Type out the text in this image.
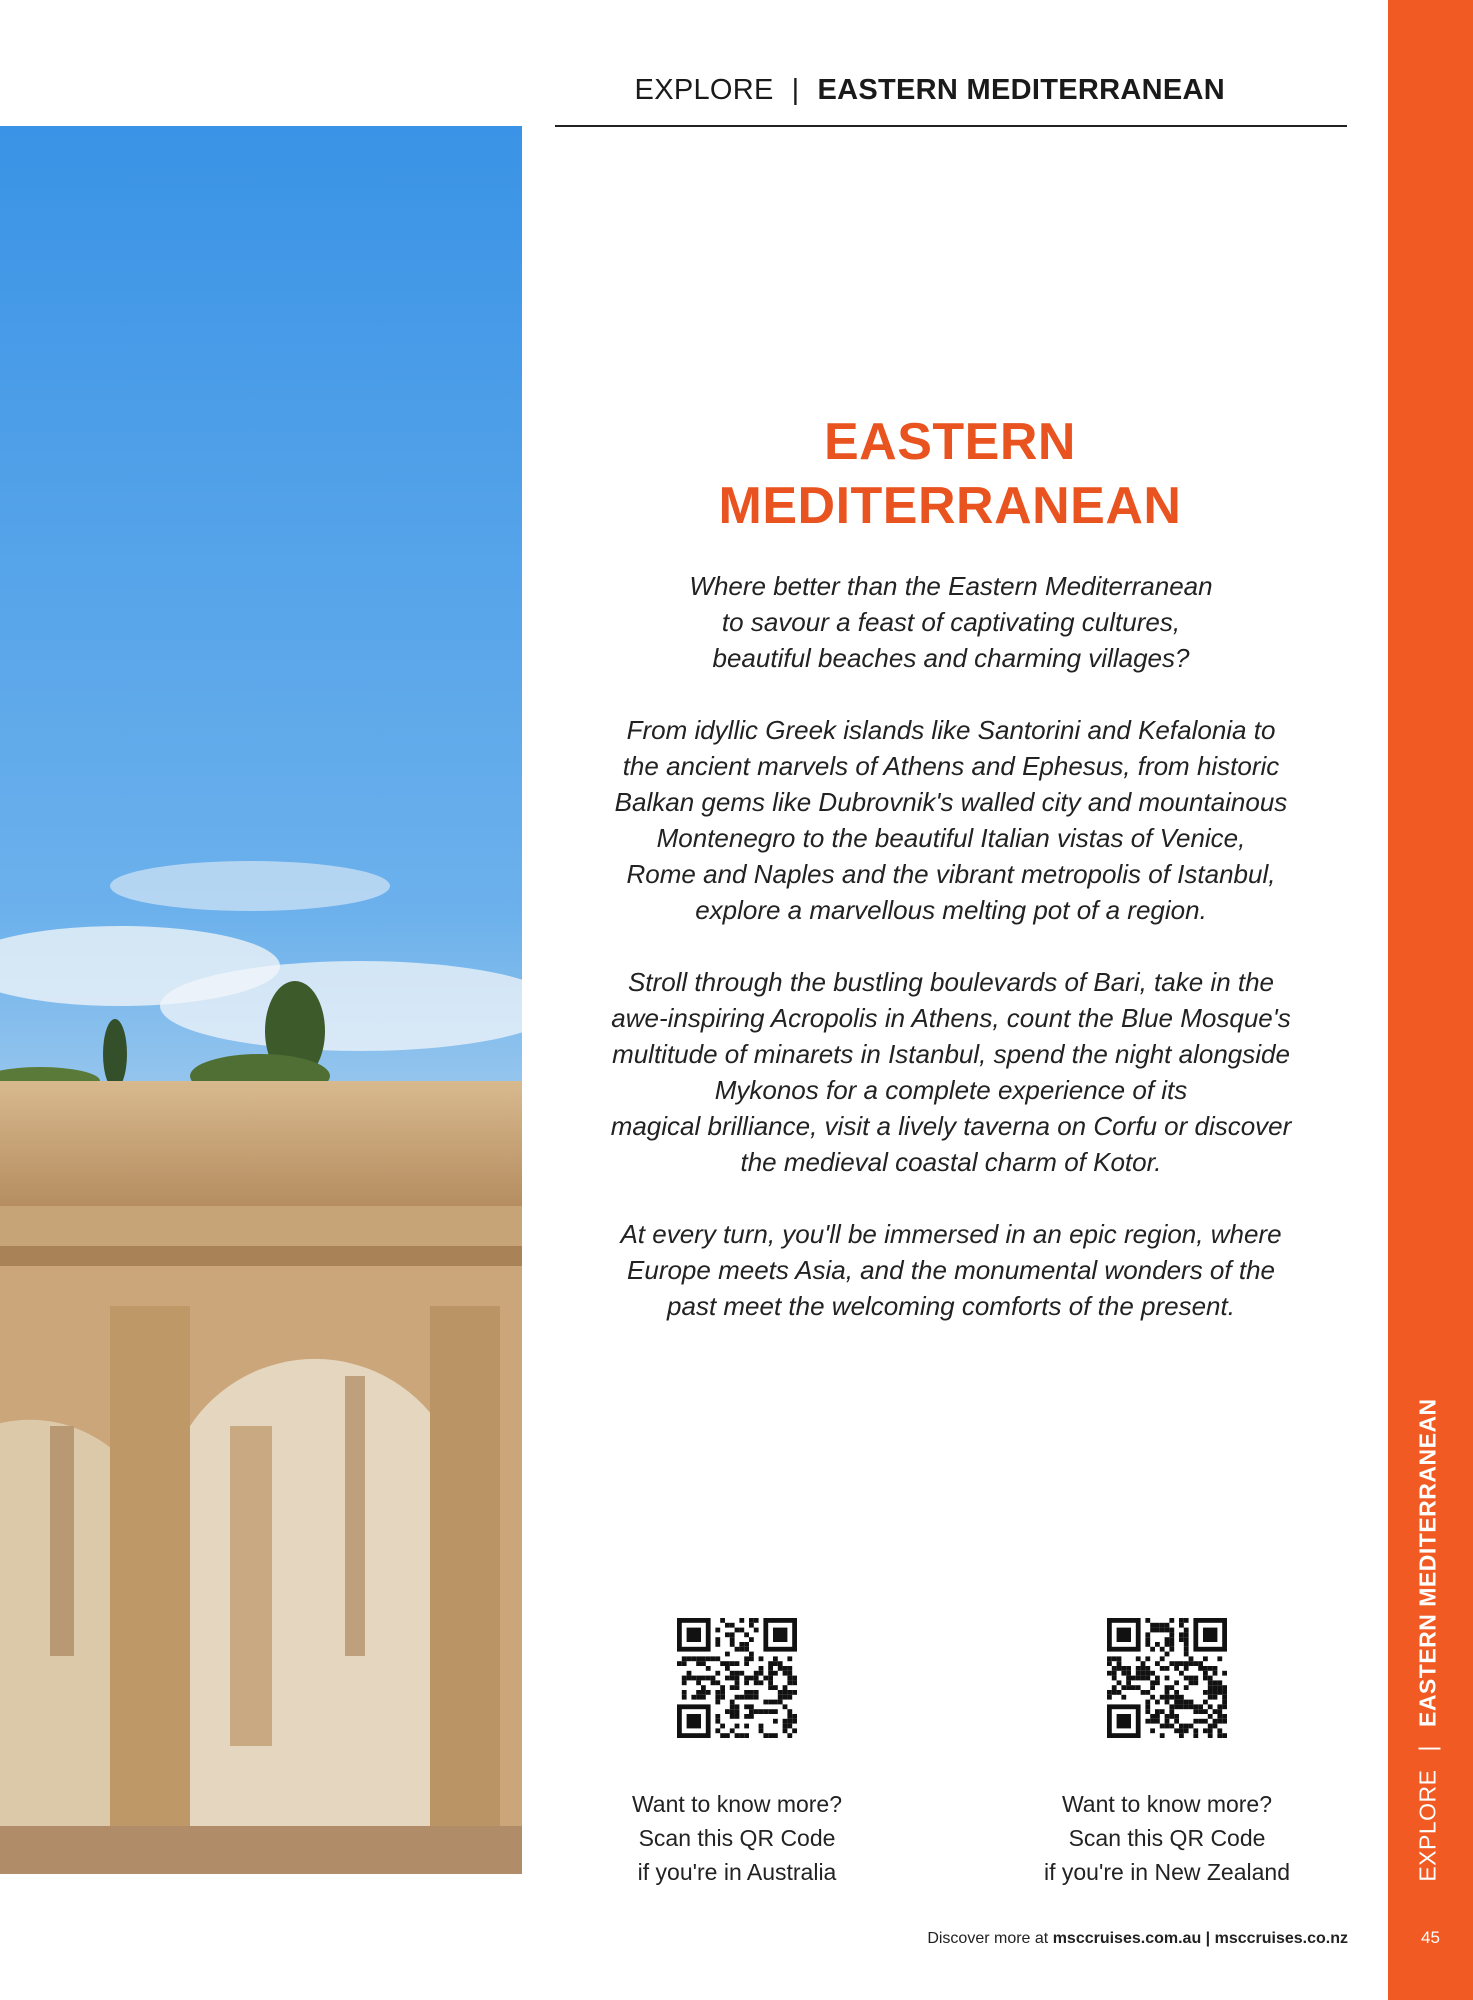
EXPLORE | EASTERN MEDITERRANEAN
EASTERN
MEDITERRANEAN

Where better than the Eastern Mediterranean
to savour a feast of captivating cultures,
beautiful beaches and charming villages?

From idyllic Greek islands like Santorini and Kefalonia to
the ancient marvels of Athens and Ephesus, from historic
Balkan gems like Dubrovnik's walled city and mountainous
Montenegro to the beautiful Italian vistas of Venice,
Rome and Naples and the vibrant metropolis of Istanbul,
explore a marvellous melting pot of a region.

Stroll through the bustling boulevards of Bari, take in the
awe-inspiring Acropolis in Athens, count the Blue Mosque's
multitude of minarets in Istanbul, spend the night alongside
Mykonos for a complete experience of its
magical brilliance, visit a lively taverna on Corfu or discover
the medieval coastal charm of Kotor.

At every turn, you'll be immersed in an epic region, where
Europe meets Asia, and the monumental wonders of the
past meet the welcoming comforts of the present.

Want to know more?
Scan this QR Code
if you're in Australia
Want to know more?
Scan this QR Code
if you're in New Zealand
Discover more at msccruises.com.au | msccruises.co.nz
EXPLORE|EASTERN MEDITERRANEAN
45
